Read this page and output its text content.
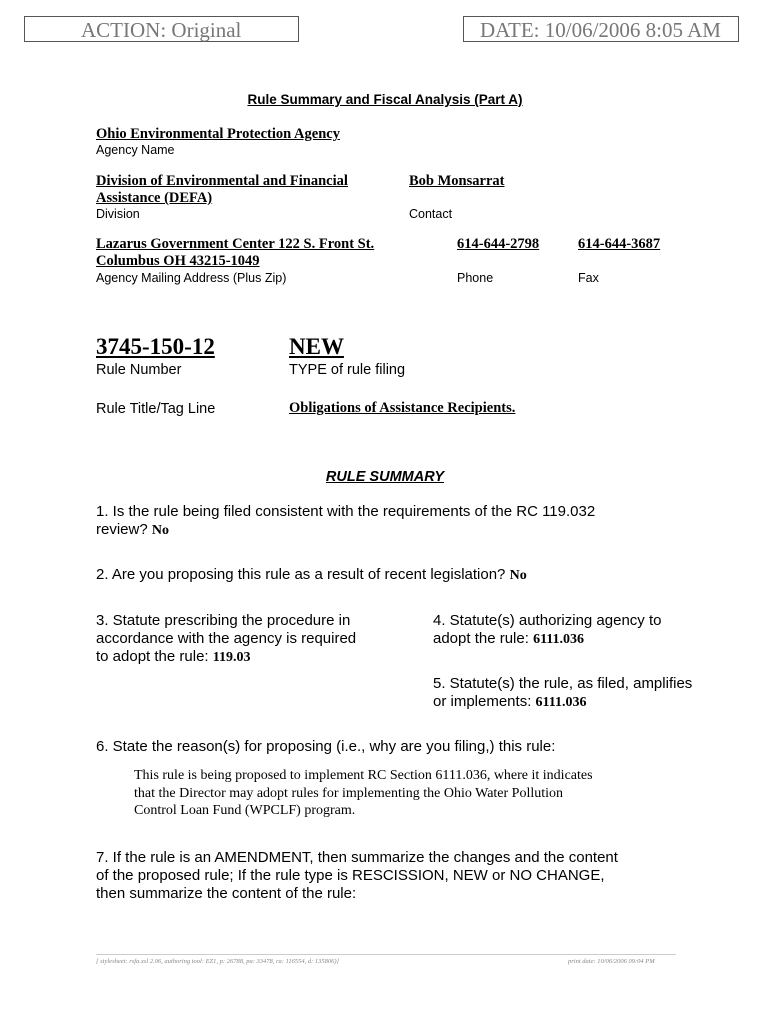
ACTION: Original	DATE: 10/06/2006 8:05 AM
Rule Summary and Fiscal Analysis (Part A)
Ohio Environmental Protection Agency
Agency Name
Division of Environmental and Financial
Assistance (DEFA)
Division
Bob Monsarrat
Contact
Lazarus Government Center 122 S. Front St.
Columbus OH 43215-1049
Agency Mailing Address (Plus Zip)
614-644-2798
Phone
614-644-3687
Fax
3745-150-12
Rule Number
NEW
TYPE of rule filing
Rule Title/Tag Line	Obligations of Assistance Recipients.
RULE SUMMARY
1. Is the rule being filed consistent with the requirements of the RC 119.032
review? No
2. Are you proposing this rule as a result of recent legislation? No
3. Statute prescribing the procedure in
accordance with the agency is required
to adopt the rule: 119.03
4. Statute(s) authorizing agency to
adopt the rule: 6111.036
5. Statute(s) the rule, as filed, amplifies
or implements: 6111.036
6. State the reason(s) for proposing (i.e., why are you filing,) this rule:
This rule is being proposed to implement RC Section 6111.036, where it indicates
that the Director may adopt rules for implementing the Ohio Water Pollution
Control Loan Fund (WPCLF) program.
7. If the rule is an AMENDMENT, then summarize the changes and the content
of the proposed rule; If the rule type is RESCISSION, NEW or NO CHANGE,
then summarize the content of the rule:
[ stylesheet: rsfa.xsl 2.06, authoring tool: EZ1, p: 26788, pa: 33478, ra: 116554, d: 135806)]	print date: 10/06/2006 09:04 PM
